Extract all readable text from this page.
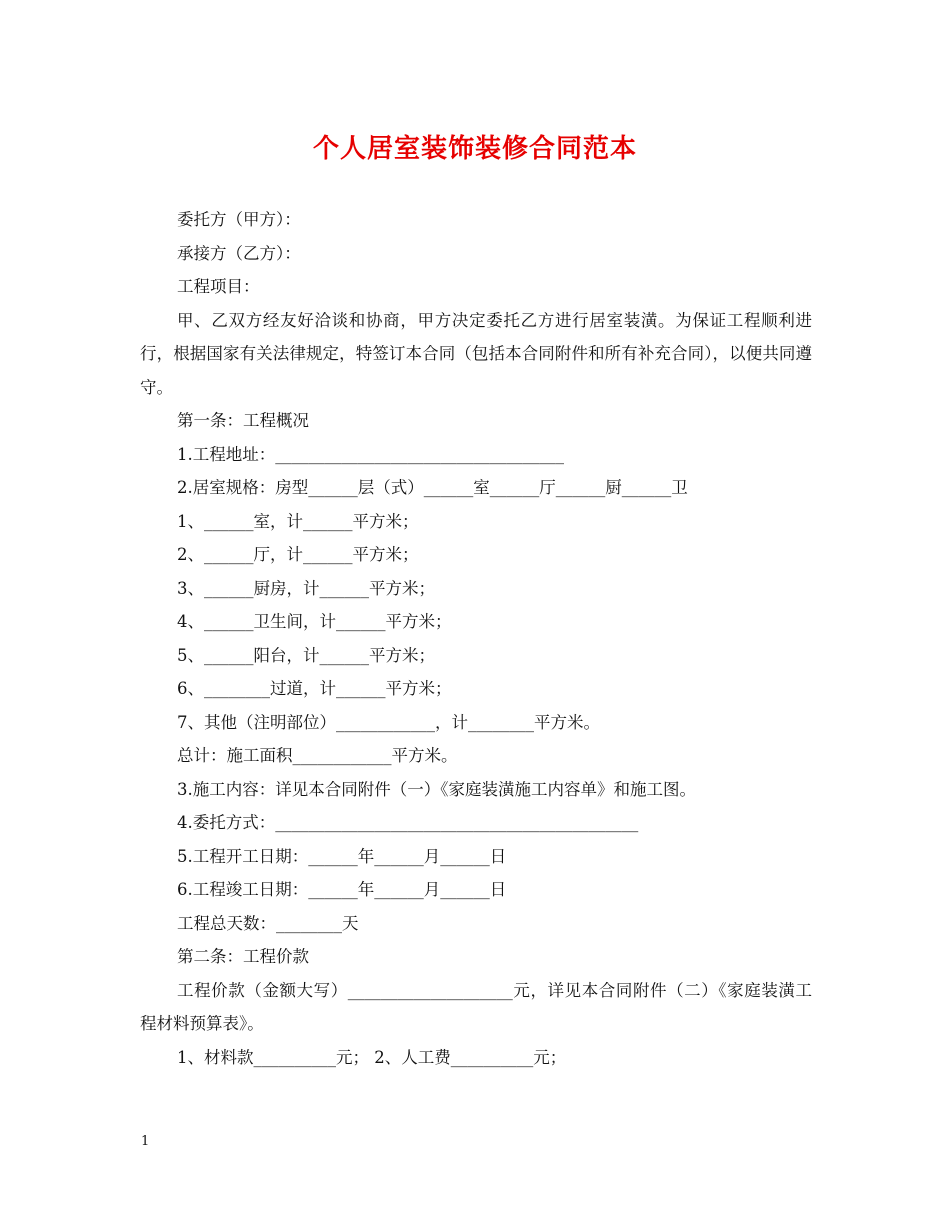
个人居室装饰装修合同范本
委托方（甲方）：
承接方（乙方）：
工程项目：

甲、乙双方经友好洽谈和协商，甲方决定委托乙方进行居室装潢。为保证工程顺利进行，根据国家有关法律规定，特签订本合同（包括本合同附件和所有补充合同），以便共同遵守。

第一条：工程概况
1.工程地址：___________________________________
2.居室规格：房型______层（式）______室______厅______厨______卫
1、______室，计______平方米；
2、______厅，计______平方米；
3、______厨房，计______平方米；
4、______卫生间，计______平方米；
5、______阳台，计______平方米；
6、________过道，计______平方米；
7、其他（注明部位）____________，计________平方米。
总计：施工面积____________平方米。
3.施工内容：详见本合同附件（一）《家庭装潢施工内容单》和施工图。
4.委托方式：____________________________________________
5.工程开工日期：______年______月______日
6.工程竣工日期：______年______月______日
工程总天数：________天
第二条：工程价款

工程价款（金额大写）____________________元，详见本合同附件（二）《家庭装潢工程材料预算表》。

1、材料款__________元； 2、人工费__________元；
1
